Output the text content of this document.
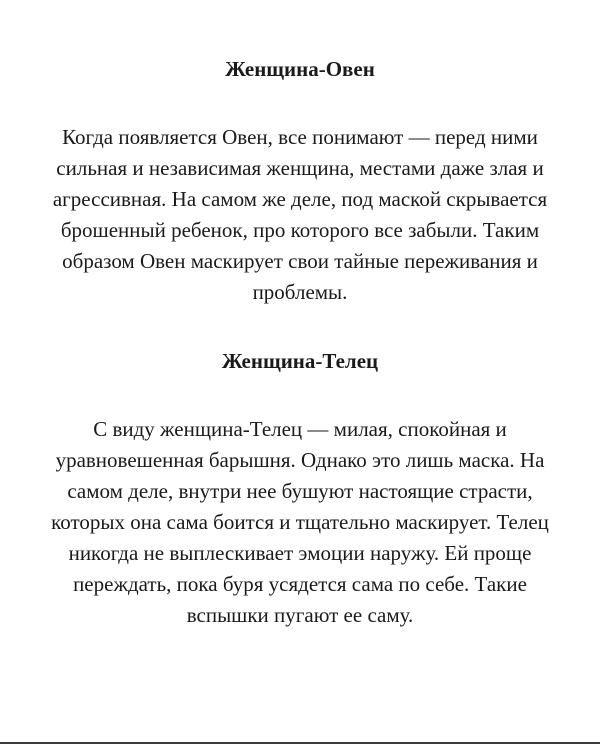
Женщина-Овен

Когда появляется Овен, все понимают — перед ними сильная и независимая женщина, местами даже злая и агрессивная. На самом же деле, под маской скрывается брошенный ребенок, про которого все забыли. Таким образом Овен маскирует свои тайные переживания и проблемы.

Женщина-Телец

С виду женщина-Телец — милая, спокойная и уравновешенная барышня. Однако это лишь маска. На самом деле, внутри нее бушуют настоящие страсти, которых она сама боится и тщательно маскирует. Телец никогда не выплескивает эмоции наружу. Ей проще переждать, пока буря усядется сама по себе. Такие вспышки пугают ее саму.
